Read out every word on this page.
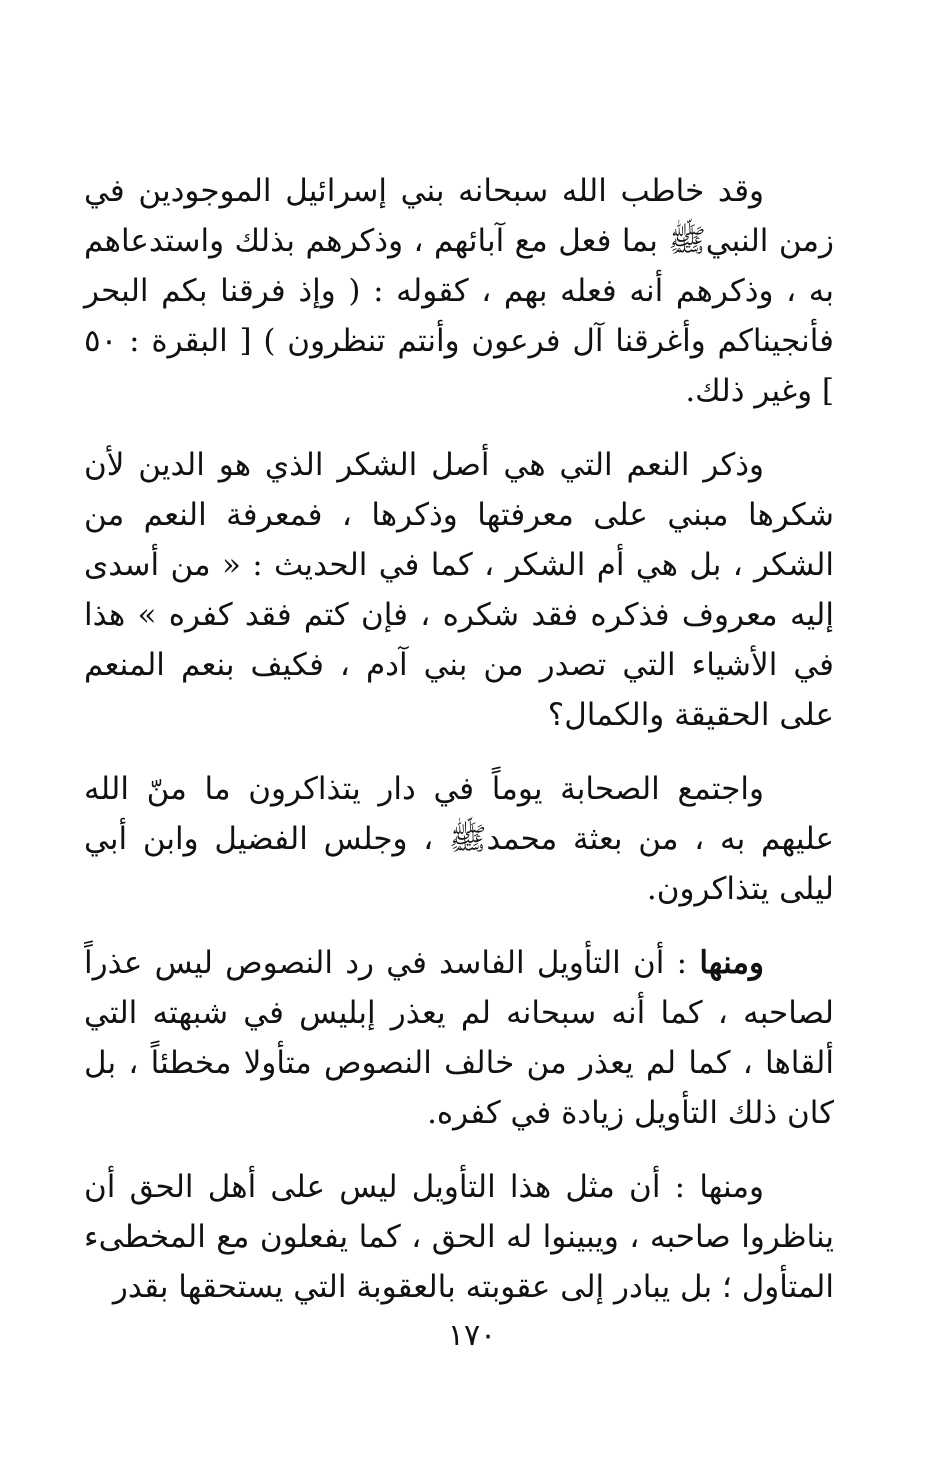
وقد خاطب الله سبحانه بني إسرائيل الموجودين في زمن النبيﷺ بما فعل مع آبائهم ، وذكرهم بذلك واستدعاهم به ، وذكرهم أنه فعله بهم ، كقوله : ( وإذ فرقنا بكم البحر فأنجيناكم وأغرقنا آل فرعون وأنتم تنظرون ) [ البقرة : ٥٠ ] وغير ذلك.
وذكر النعم التي هي أصل الشكر الذي هو الدين لأن شكرها مبني على معرفتها وذكرها ، فمعرفة النعم من الشكر ، بل هي أم الشكر ، كما في الحديث : « من أسدى إليه معروف فذكره فقد شكره ، فإن كتم فقد كفره » هذا في الأشياء التي تصدر من بني آدم ، فكيف بنعم المنعم على الحقيقة والكمال؟
واجتمع الصحابة يوماً في دار يتذاكرون ما منّ الله عليهم به ، من بعثة محمدﷺ ، وجلس الفضيل وابن أبي ليلى يتذاكرون.
ومنها : أن التأويل الفاسد في رد النصوص ليس عذراً لصاحبه ، كما أنه سبحانه لم يعذر إبليس في شبهته التي ألقاها ، كما لم يعذر من خالف النصوص متأولا مخطئاً ، بل كان ذلك التأويل زيادة في كفره.
ومنها : أن مثل هذا التأويل ليس على أهل الحق أن يناظروا صاحبه ، ويبينوا له الحق ، كما يفعلون مع المخطىء المتأول ؛ بل يبادر إلى عقوبته بالعقوبة التي يستحقها بقدر
١٧٠
